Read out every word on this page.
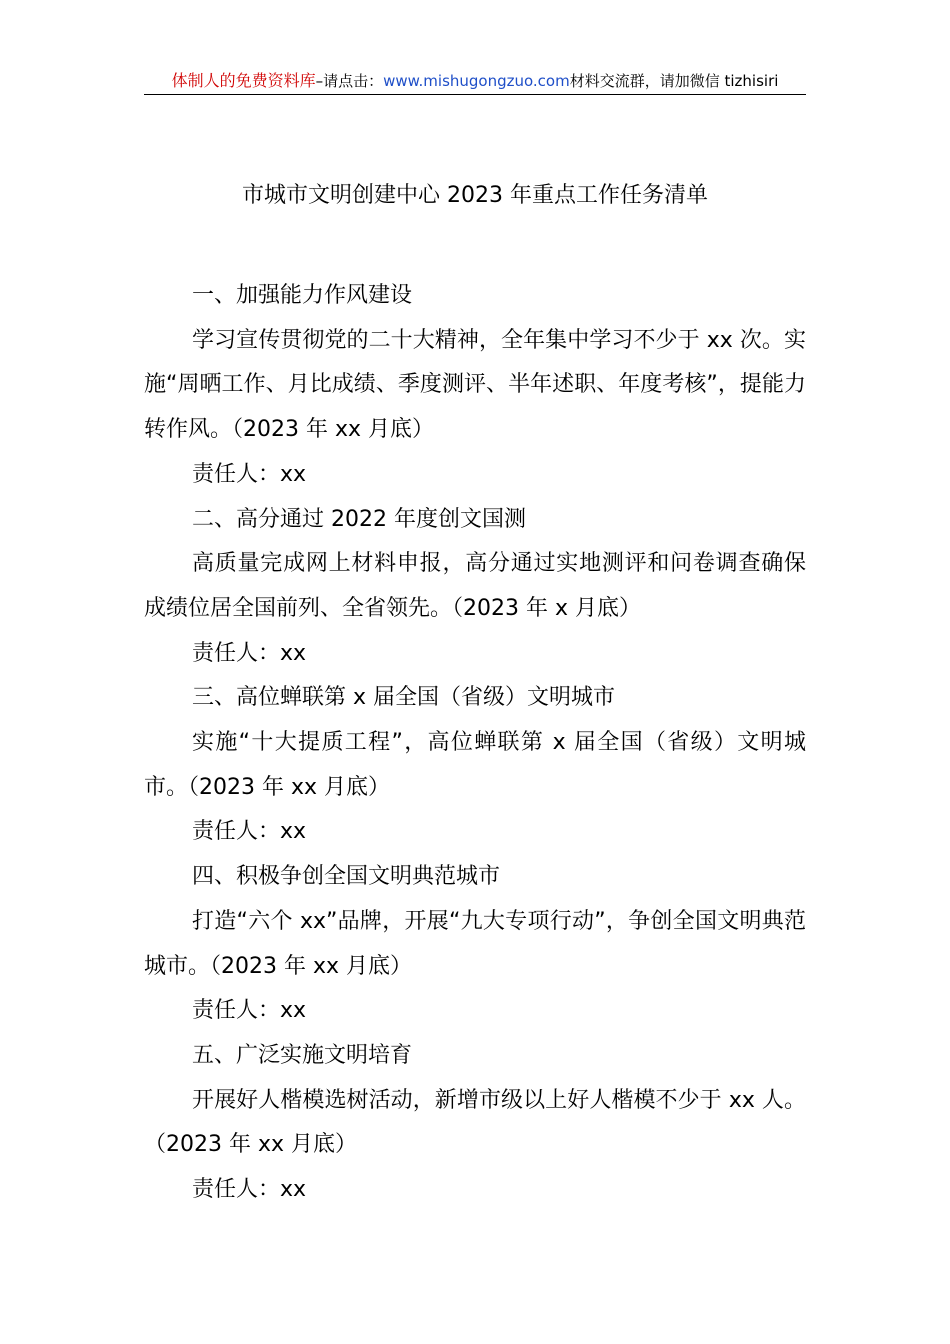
体制人的免费资料库–请点击：www.mishugongzuo.com材料交流群，请加微信 tizhisiri
市城市文明创建中心 2023 年重点工作任务清单

一、加强能力作风建设

学习宣传贯彻党的二十大精神，全年集中学习不少于 xx 次。实施“周晒工作、月比成绩、季度测评、半年述职、年度考核”，提能力转作风。（2023 年 xx 月底）

责任人：xx

二、高分通过 2022 年度创文国测

高质量完成网上材料申报，高分通过实地测评和问卷调查确保成绩位居全国前列、全省领先。（2023 年 x 月底）

责任人：xx

三、高位蝉联第 x 届全国（省级）文明城市

实施“十大提质工程”，高位蝉联第 x 届全国（省级）文明城市。（2023 年 xx 月底）

责任人：xx

四、积极争创全国文明典范城市

打造“六个 xx”品牌，开展“九大专项行动”，争创全国文明典范城市。（2023 年 xx 月底）

责任人：xx

五、广泛实施文明培育

开展好人楷模选树活动，新增市级以上好人楷模不少于 xx 人。（2023 年 xx 月底）

责任人：xx
